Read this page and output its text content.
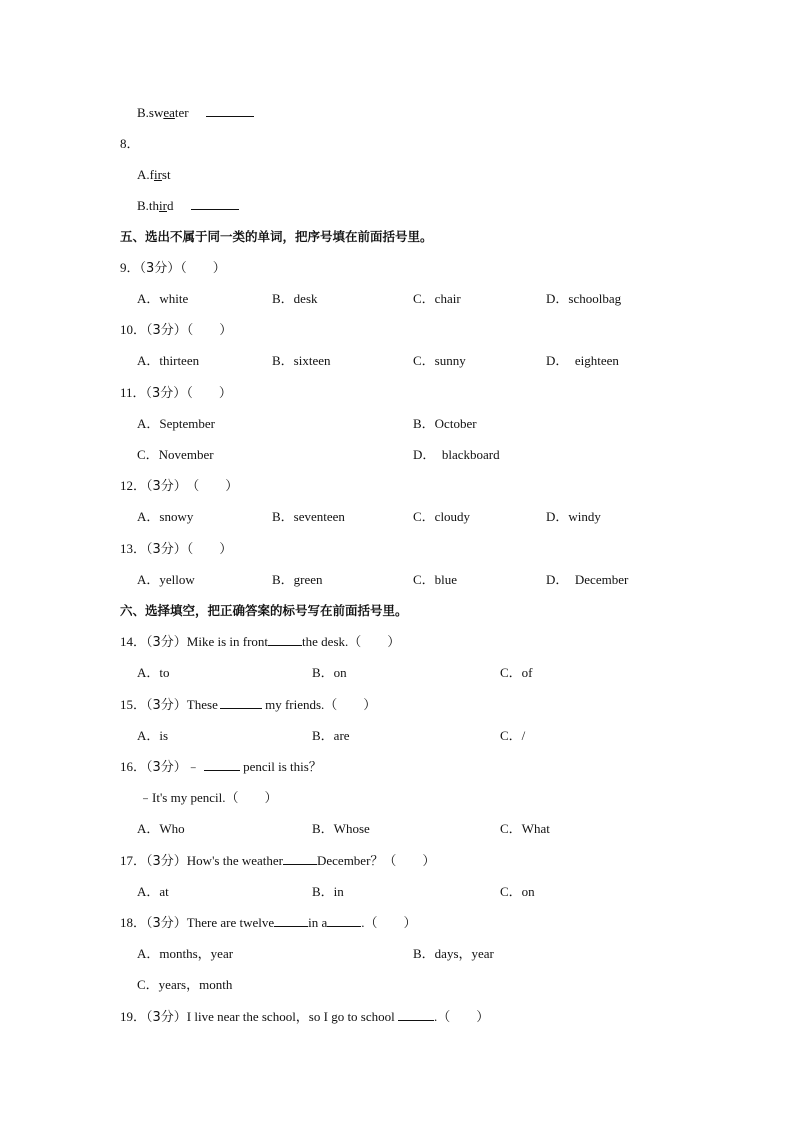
B.sweater
8．
A.first
B.third
五、选出不属于同一类的单词，把序号填在前面括号里。
9．（3分）（　　）
A．white	B．desk	C．chair	D．schoolbag
10．（3分）（　　）
A．thirteen	B．sixteen	C．sunny	D．  eighteen
11．（3分）（　　）
A．September	B．October
C．November	D．  blackboard
12．（3分） （　　）
A．snowy	B．seventeen	C．cloudy	D．windy
13．（3分）（　　）
A．yellow	B．green	C．blue	D．  December
六、选择填空，把正确答案的标号写在前面括号里。
14．（3分）Mike is in front	the desk.（　　）
A．to	B．on	C．of
15．（3分）These	my friends.（　　）
A．is	B．are	C．/
16．（3分）﹣	pencil is this？
﹣It's my pencil.（　　）
A．Who	B．Whose	C．What
17．（3分）How's the weather	December？（　　）
A．at	B．in	C．on
18．（3分）There are twelve	in a	.（　　）
A．months，year	B．days，year
C．years，month
19．（3分）I live near the school，so I go to school	.（　　）
